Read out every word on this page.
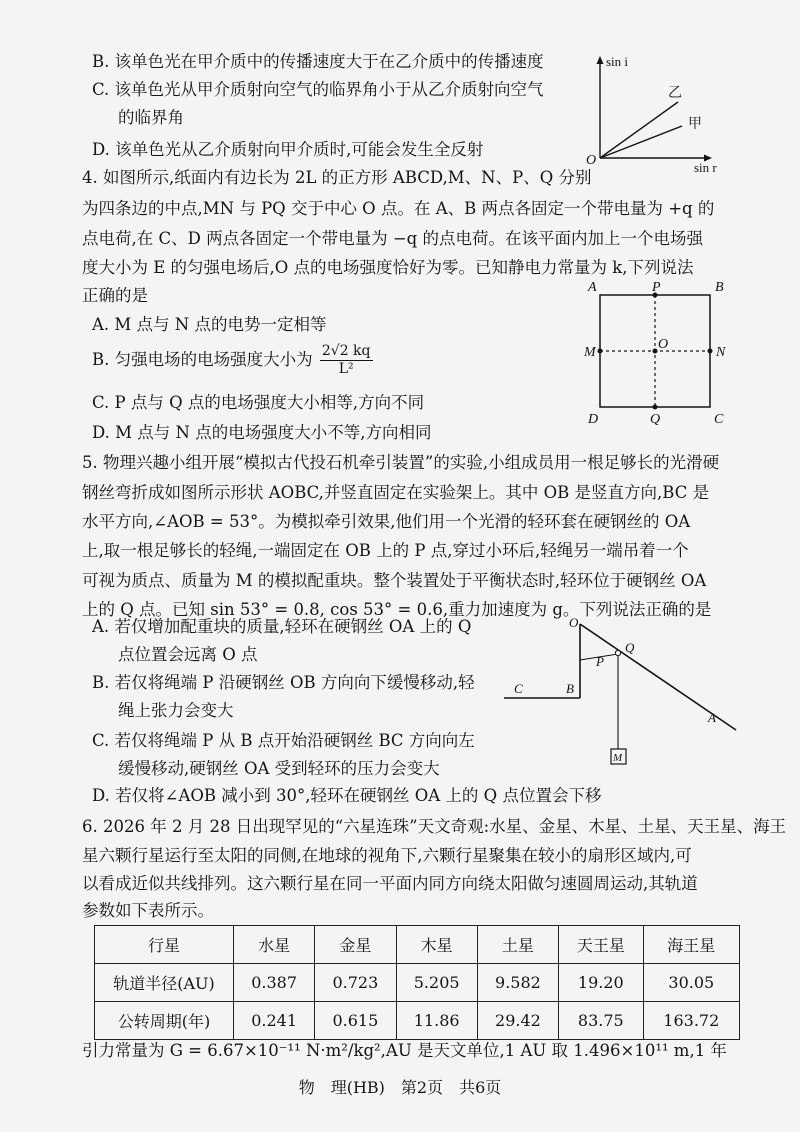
B. 该单色光在甲介质中的传播速度大于在乙介质中的传播速度
C. 该单色光从甲介质射向空气的临界角小于从乙介质射向空气
的临界角
D. 该单色光从乙介质射向甲介质时,可能会发生全反射
sin i
sin r
O
乙
甲
4. 如图所示,纸面内有边长为 2L 的正方形 ABCD,M、N、P、Q 分别
为四条边的中点,MN 与 PQ 交于中心 O 点。在 A、B 两点各固定一个带电量为 +q 的
点电荷,在 C、D 两点各固定一个带电量为 −q 的点电荷。在该平面内加上一个电场强
度大小为 E 的匀强电场后,O 点的电场强度恰好为零。已知静电力常量为 k,下列说法
正确的是
A. M 点与 N 点的电势一定相等
B. 匀强电场的电场强度大小为 $\frac{2√2 kq}{\text{L²}}$
C. P 点与 Q 点的电场强度大小相等,方向不同
D. M 点与 N 点的电场强度大小不等,方向相同
A	P	B
M
O
N
D	Q	C
5. 物理兴趣小组开展“模拟古代投石机牵引装置”的实验,小组成员用一根足够长的光滑硬
钢丝弯折成如图所示形状 AOBC,并竖直固定在实验架上。其中 OB 是竖直方向,BC 是
水平方向,∠AOB = 53°。为模拟牵引效果,他们用一个光滑的轻环套在硬钢丝的 OA
上,取一根足够长的轻绳,一端固定在 OB 上的 P 点,穿过小环后,轻绳另一端吊着一个
可视为质点、质量为 M 的模拟配重块。整个装置处于平衡状态时,轻环位于硬钢丝 OA
上的 Q 点。已知 sin 53° = 0.8, cos 53° = 0.6,重力加速度为 g。下列说法正确的是
A. 若仅增加配重块的质量,轻环在硬钢丝 OA 上的 Q
点位置会远离 O 点
B. 若仅将绳端 P 沿硬钢丝 OB 方向向下缓慢移动,轻
绳上张力会变大
C. 若仅将绳端 P 从 B 点开始沿硬钢丝 BC 方向向左
缓慢移动,硬钢丝 OA 受到轻环的压力会变大
D. 若仅将∠AOB 减小到 30°,轻环在硬钢丝 OA 上的 Q 点位置会下移
O
Q
P
C	B
A
M
6. 2026 年 2 月 28 日出现罕见的“六星连珠”天文奇观:水星、金星、木星、土星、天王星、海王
星六颗行星运行至太阳的同侧,在地球的视角下,六颗行星聚集在较小的扇形区域内,可
以看成近似共线排列。这六颗行星在同一平面内同方向绕太阳做匀速圆周运动,其轨道
参数如下表所示。
行星	水星	金星	木星	土星	天王星	海王星
轨道半径(AU)	0.387	0.723	5.205	9.582	19.20	30.05
公转周期(年)	0.241	0.615	11.86	29.42	83.75	163.72
引力常量为 G = 6.67×10⁻¹¹ N·m²/kg²,AU 是天文单位,1 AU 取 1.496×10¹¹ m,1 年
物　理(HB)　第2页　共6页
